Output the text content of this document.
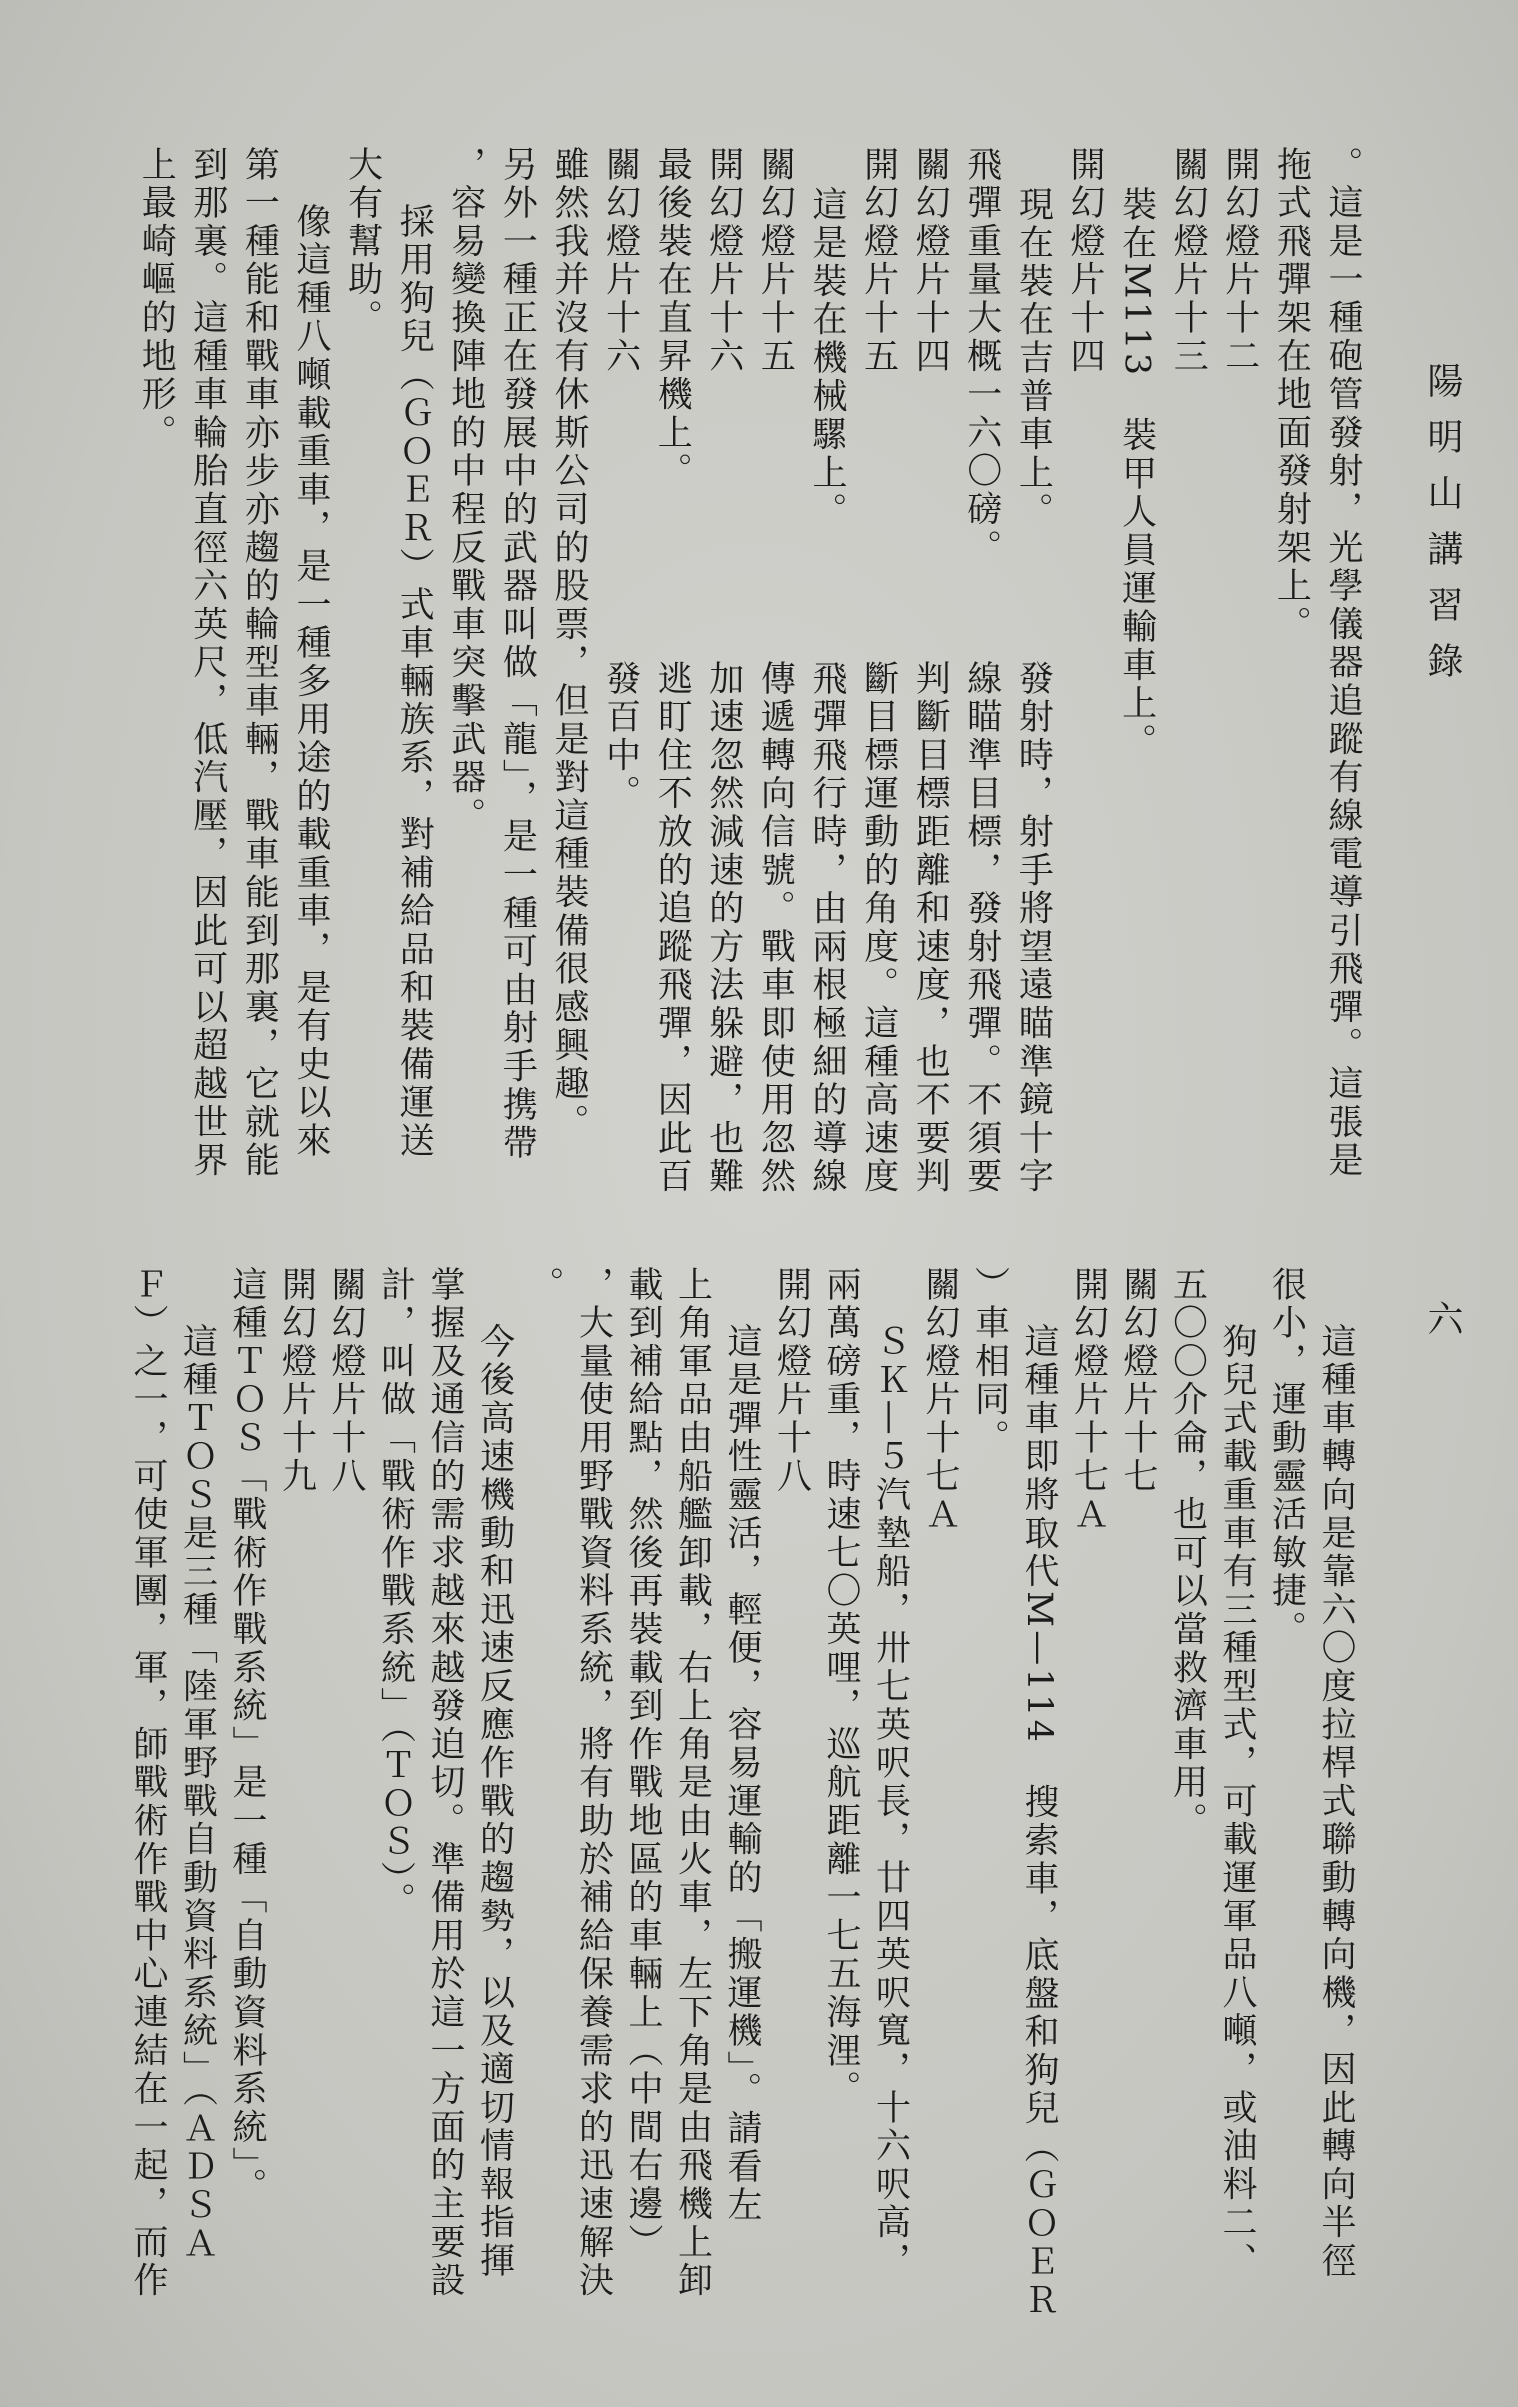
陽明山講習錄
六
。這是一種砲管發射，光學儀器追蹤有線電導引飛彈。這張是
拖式飛彈架在地面發射架上。
開幻燈片十二
關幻燈片十三
裝在M113　裝甲人員運輸車上。
開幻燈片十四
現在裝在吉普車上。
發射時，射手將望遠瞄準鏡十字
飛彈重量大概一六〇磅。
線瞄準目標，發射飛彈。不須要
關幻燈片十四
判斷目標距離和速度，也不要判
開幻燈片十五
斷目標運動的角度。這種高速度
這是裝在機械騾上。
飛彈飛行時，由兩根極細的導線
關幻燈片十五
傳遞轉向信號。戰車即使用忽然
開幻燈片十六
加速忽然減速的方法躲避，也難
最後裝在直昇機上。
逃盯住不放的追蹤飛彈，因此百
關幻燈片十六
發百中。
雖然我并沒有休斯公司的股票，但是對這種裝備很感興趣。
另外一種正在發展中的武器叫做「龍」，是一種可由射手携帶
，容易變換陣地的中程反戰車突擊武器。
採用狗兒（ＧＯＥＲ）式車輛族系，對補給品和裝備運送
大有幫助。
像這種八噸載重車，是一種多用途的載重車，是有史以來
第一種能和戰車亦步亦趨的輪型車輛，戰車能到那裏，它就能
到那裏。這種車輪胎直徑六英尺，低汽壓，因此可以超越世界
上最崎嶇的地形。
這種車轉向是靠六〇度拉桿式聯動轉向機，因此轉向半徑
很小，運動靈活敏捷。
狗兒式載重車有三種型式，可載運軍品八噸，或油料二、
五〇〇介侖，也可以當救濟車用。
關幻燈片十七
開幻燈片十七Ａ
這種車即將取代M—114　搜索車，底盤和狗兒（ＧＯＥＲ
）車相同。
關幻燈片十七Ａ
ＳＫ—５汽墊船，卅七英呎長，廿四英呎寬，十六呎高，
兩萬磅重，時速七〇英哩，巡航距離一七五海浬。
開幻燈片十八
這是彈性靈活，輕便，容易運輸的「搬運機」。請看左
上角軍品由船艦卸載，右上角是由火車，左下角是由飛機上卸
載到補給點，然後再裝載到作戰地區的車輛上（中間右邊）
，大量使用野戰資料系統，將有助於補給保養需求的迅速解決
。
今後高速機動和迅速反應作戰的趨勢，以及適切情報指揮
掌握及通信的需求越來越發迫切。準備用於這一方面的主要設
計，叫做「戰術作戰系統」（ＴＯＳ）。
關幻燈片十八
開幻燈片十九
這種ＴＯＳ「戰術作戰系統」是一種「自動資料系統」。
這種ＴＯＳ是三種「陸軍野戰自動資料系統」（ＡＤＳＡ
Ｆ）之一，可使軍團，軍，師戰術作戰中心連結在一起，而作
